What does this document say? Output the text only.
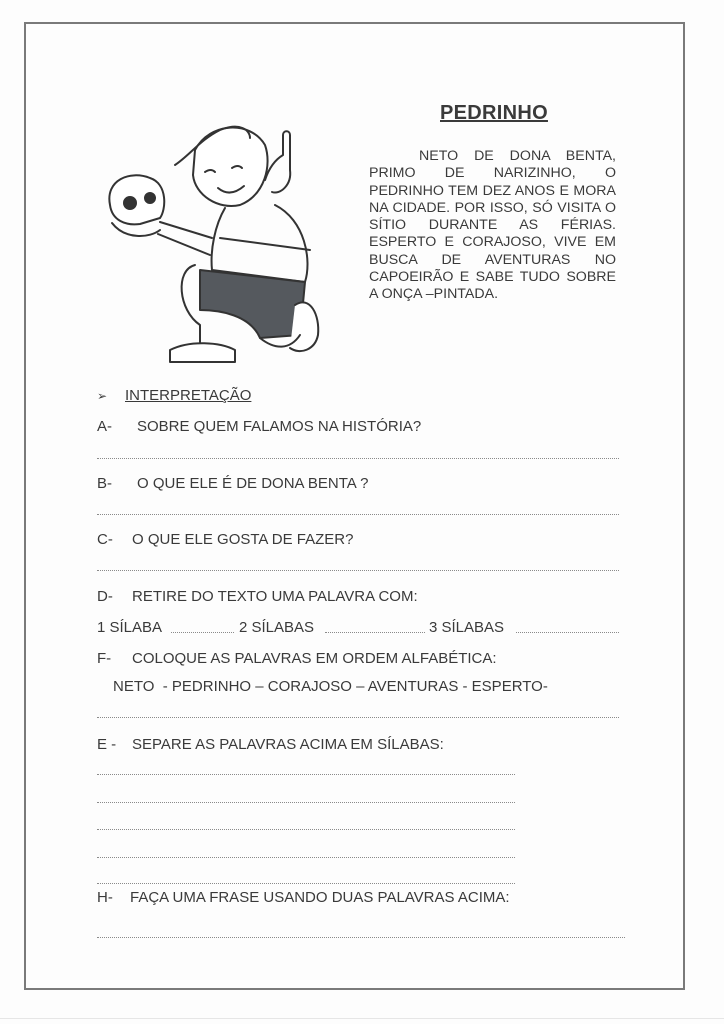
PEDRINHO
NETO DE DONA BENTA, PRIMO DE NARIZINHO, O PEDRINHO TEM DEZ ANOS E MORA NA CIDADE. POR ISSO, SÓ VISITA O SÍTIO DURANTE AS FÉRIAS. ESPERTO E CORAJOSO, VIVE EM BUSCA DE AVENTURAS NO CAPOEIRÃO E SABE TUDO SOBRE A ONÇA –PINTADA.
➢ INTERPRETAÇÃO
A- SOBRE QUEM FALAMOS NA HISTÓRIA?
B- O QUE ELE É DE DONA BENTA ?
C- O QUE ELE GOSTA DE FAZER?
D- RETIRE DO TEXTO UMA PALAVRA COM:
1 SÍLABA	2 SÍLABAS	3 SÍLABAS
F- COLOQUE AS PALAVRAS EM ORDEM ALFABÉTICA:
NETO  - PEDRINHO – CORAJOSO – AVENTURAS - ESPERTO-
E - SEPARE AS PALAVRAS ACIMA EM SÍLABAS:
H- FAÇA UMA FRASE USANDO DUAS PALAVRAS ACIMA:
